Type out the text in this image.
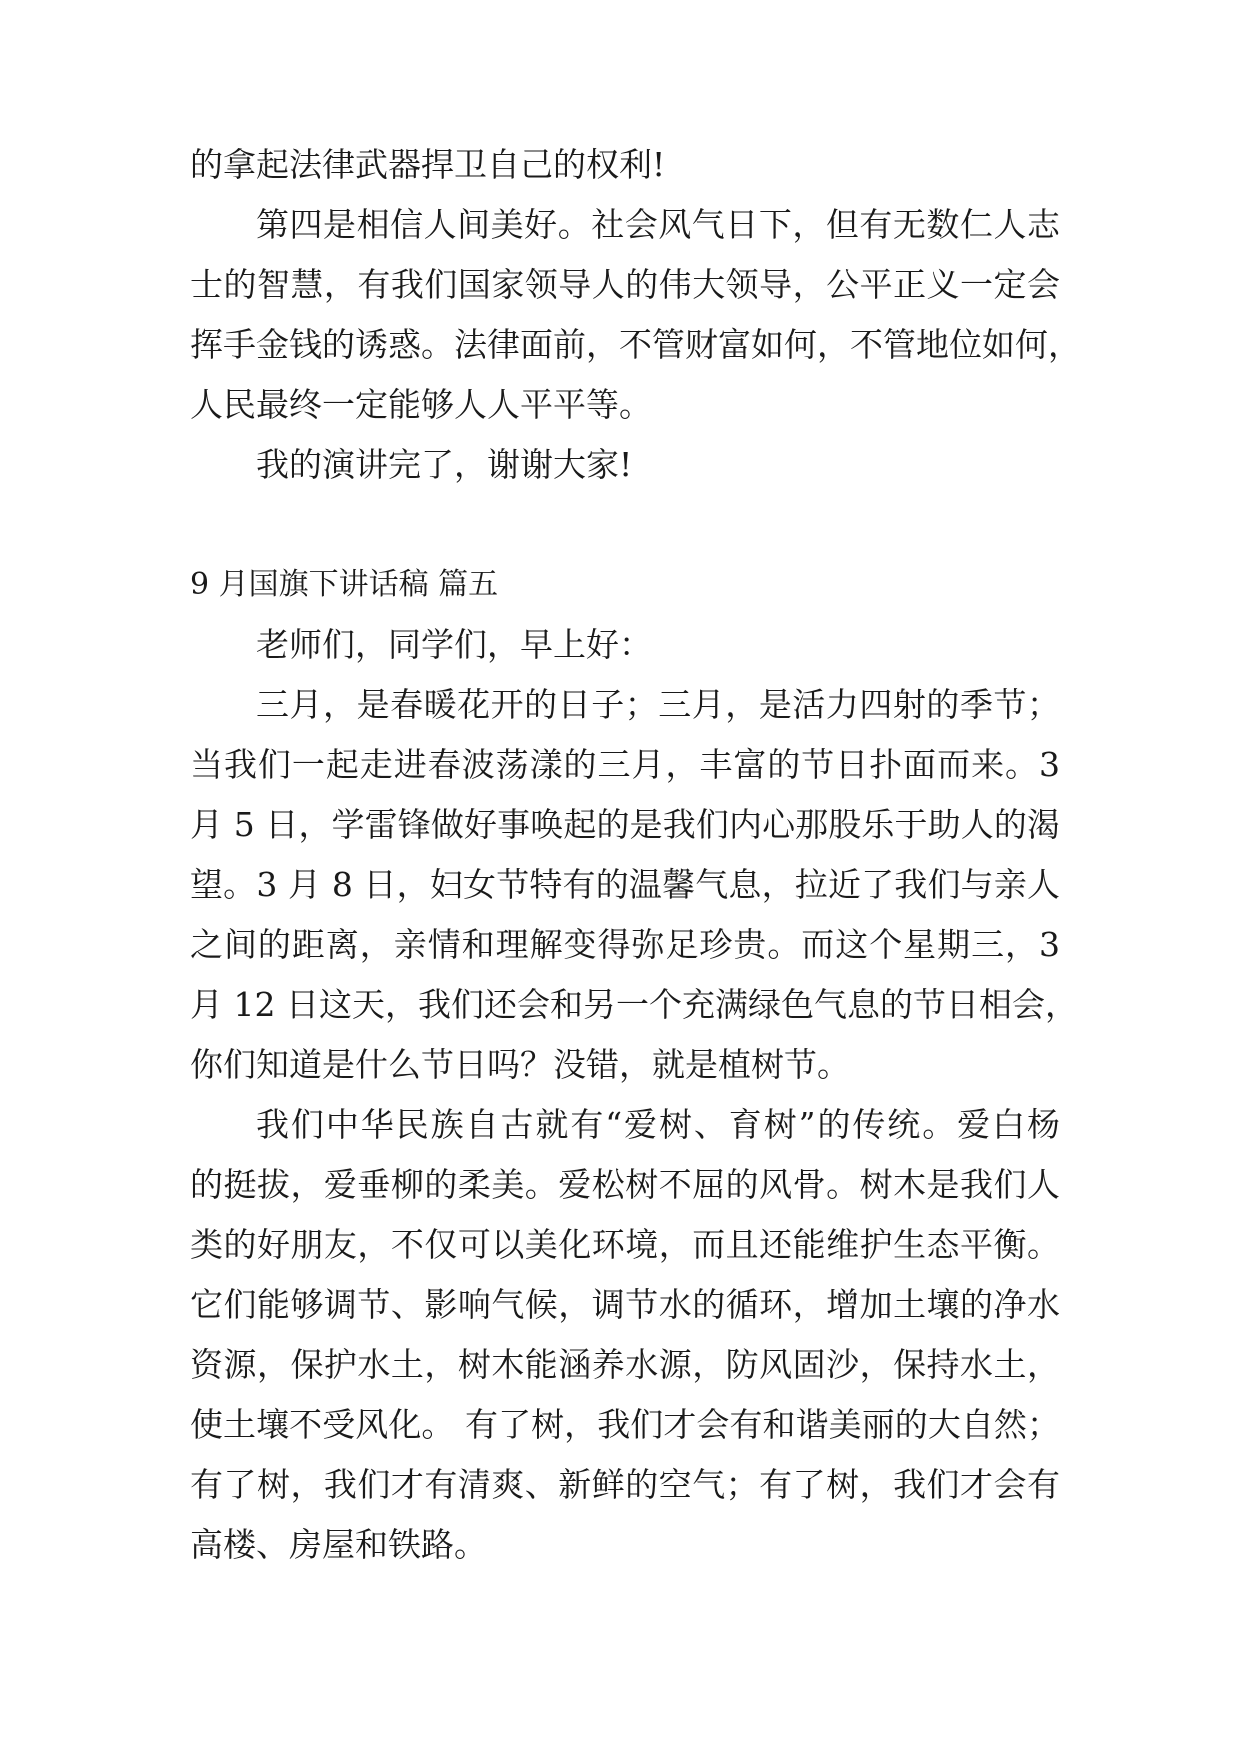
的拿起法律武器捍卫自己的权利!
第四是相信人间美好。社会风气日下，但有无数仁人志
士的智慧，有我们国家领导人的伟大领导，公平正义一定会
挥手金钱的诱惑。法律面前，不管财富如何，不管地位如何，
人民最终一定能够人人平平等。
我的演讲完了，谢谢大家!
9 月国旗下讲话稿 篇五
老师们，同学们，早上好：
三月，是春暖花开的日子；三月，是活力四射的季节；
当我们一起走进春波荡漾的三月，丰富的节日扑面而来。3
月 5 日，学雷锋做好事唤起的是我们内心那股乐于助人的渴
望。3 月 8 日，妇女节特有的温馨气息，拉近了我们与亲人
之间的距离，亲情和理解变得弥足珍贵。而这个星期三，3
月 12 日这天，我们还会和另一个充满绿色气息的节日相会，
你们知道是什么节日吗？没错，就是植树节。
我们中华民族自古就有“爱树、育树”的传统。爱白杨
的挺拔，爱垂柳的柔美。爱松树不屈的风骨。树木是我们人
类的好朋友，不仅可以美化环境，而且还能维护生态平衡。
它们能够调节、影响气候，调节水的循环，增加土壤的净水
资源，保护水土，树木能涵养水源，防风固沙，保持水土，
使土壤不受风化。 有了树，我们才会有和谐美丽的大自然；
有了树，我们才有清爽、新鲜的空气；有了树，我们才会有
高楼、房屋和铁路。
